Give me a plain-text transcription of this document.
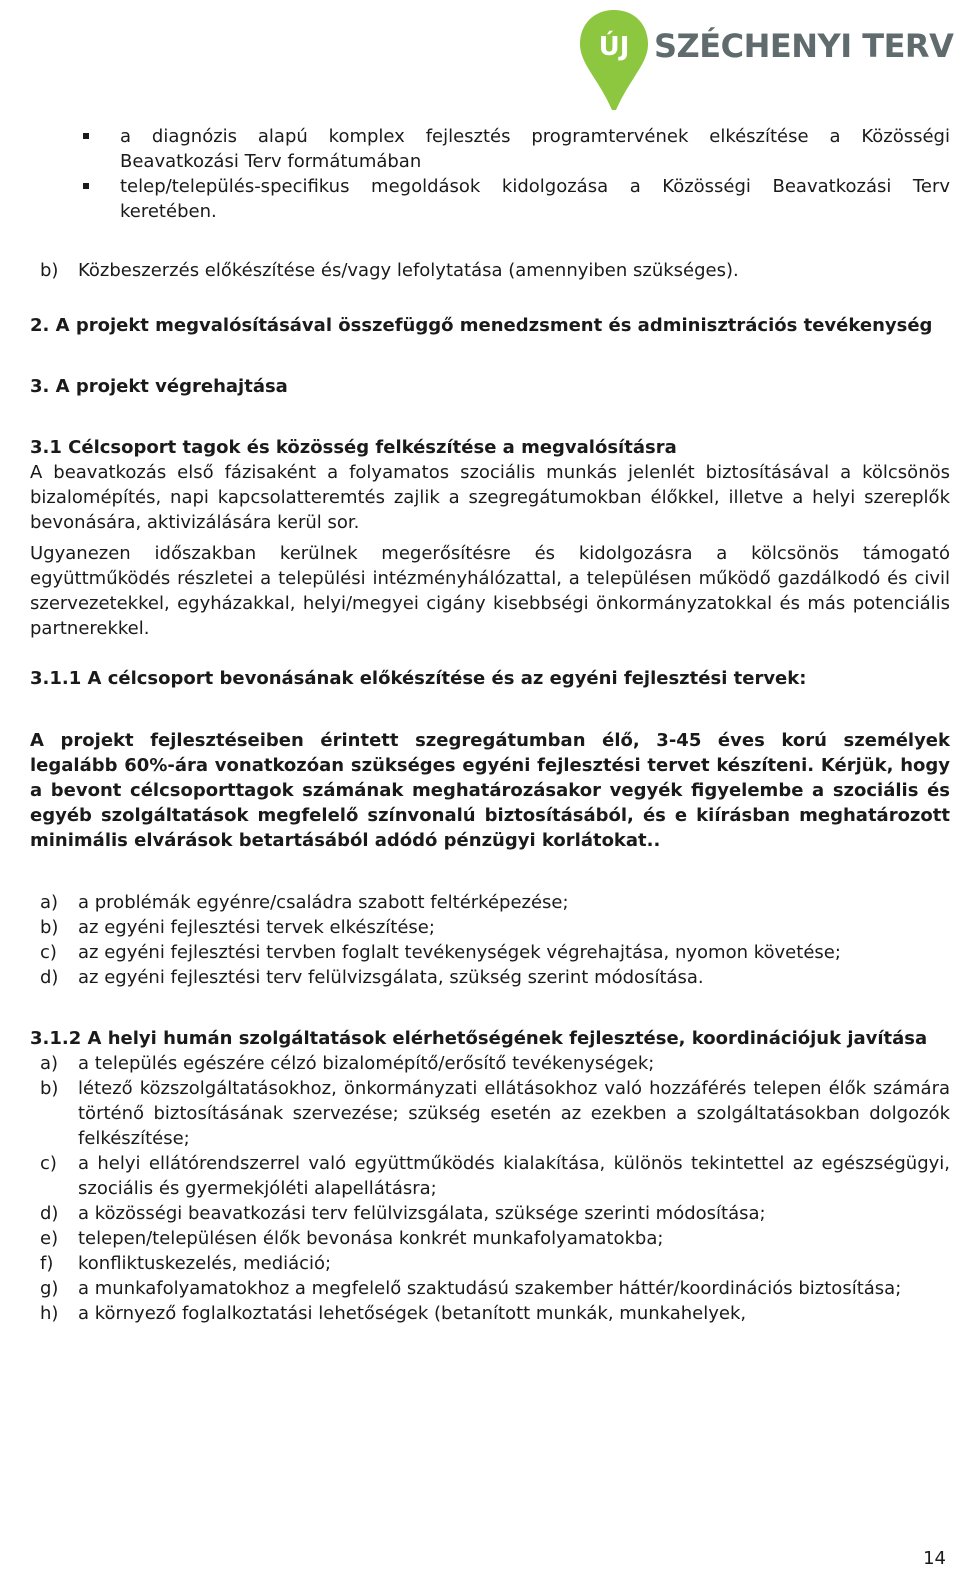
ÚJ SZÉCHENYI TERV
a diagnózis alapú komplex fejlesztés programtervének elkészítése a Közösségi Beavatkozási Terv formátumában
telep/település-specifikus megoldások kidolgozása a Közösségi Beavatkozási Terv keretében.
b) Közbeszerzés előkészítése és/vagy lefolytatása (amennyiben szükséges).

2. A projekt megvalósításával összefüggő menedzsment és adminisztrációs tevékenység

3. A projekt végrehajtása

3.1 Célcsoport tagok és közösség felkészítése a megvalósításra

A beavatkozás első fázisaként a folyamatos szociális munkás jelenlét biztosításával a kölcsönös bizalomépítés, napi kapcsolatteremtés zajlik a szegregátumokban élőkkel, illetve a helyi szereplők bevonására, aktivizálására kerül sor.

Ugyanezen időszakban kerülnek megerősítésre és kidolgozásra a kölcsönös támogató együttműködés részletei a települési intézményhálózattal, a településen működő gazdálkodó és civil szervezetekkel, egyházakkal, helyi/megyei cigány kisebbségi önkormányzatokkal és más potenciális partnerekkel.

3.1.1 A célcsoport bevonásának előkészítése és az egyéni fejlesztési tervek:

A projekt fejlesztéseiben érintett szegregátumban élő, 3-45 éves korú személyek legalább 60%-ára vonatkozóan szükséges egyéni fejlesztési tervet készíteni. Kérjük, hogy a bevont célcsoporttagok számának meghatározásakor vegyék figyelembe a szociális és egyéb szolgáltatások megfelelő színvonalú biztosításából, és e kiírásban meghatározott minimális elvárások betartásából adódó pénzügyi korlátokat..

a) a problémák egyénre/családra szabott feltérképezése;
b) az egyéni fejlesztési tervek elkészítése;
c) az egyéni fejlesztési tervben foglalt tevékenységek végrehajtása, nyomon követése;
d) az egyéni fejlesztési terv felülvizsgálata, szükség szerint módosítása.

3.1.2 A helyi humán szolgáltatások elérhetőségének fejlesztése, koordinációjuk javítása

a) a település egészére célzó bizalomépítő/erősítő tevékenységek;
b) létező közszolgáltatásokhoz, önkormányzati ellátásokhoz való hozzáférés telepen élők számára történő biztosításának szervezése; szükség esetén az ezekben a szolgáltatásokban dolgozók felkészítése;
c) a helyi ellátórendszerrel való együttműködés kialakítása, különös tekintettel az egészségügyi, szociális és gyermekjóléti alapellátásra;
d) a közösségi beavatkozási terv felülvizsgálata, szüksége szerinti módosítása;
e) telepen/településen élők bevonása konkrét munkafolyamatokba;
f) konfliktuskezelés, mediáció;
g) a munkafolyamatokhoz a megfelelő szaktudású szakember háttér/koordinációs biztosítása;
h) a környező foglalkoztatási lehetőségek (betanított munkák, munkahelyek,
14
